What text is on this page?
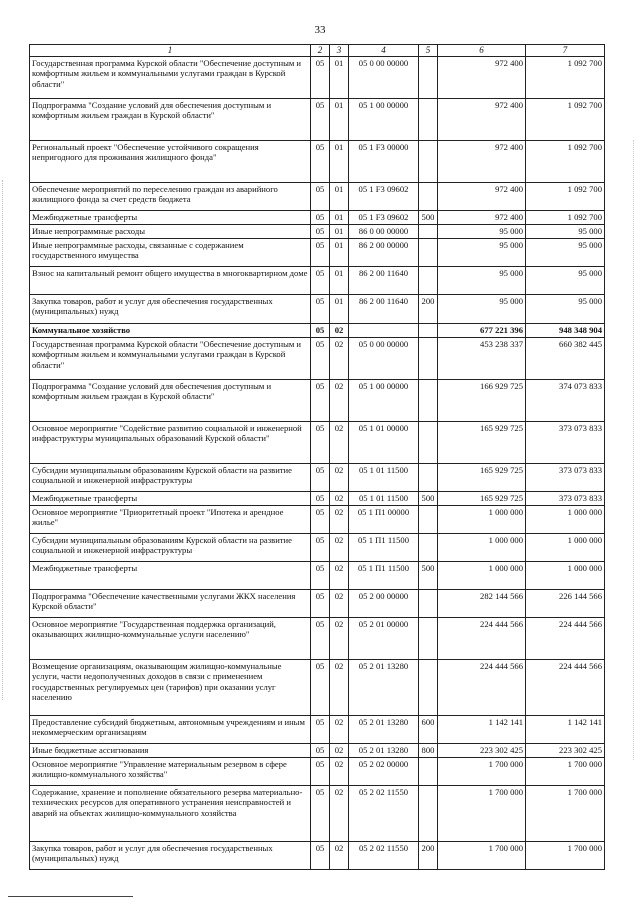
33
1	2	3	4	5	6	7
Государственная программа Курской области "Обеспечение доступным и комфортным жильем и коммунальными услугами граждан в Курской области"	05	01	05 0 00 00000		972 400	1 092 700
Подпрограмма "Создание условий для обеспечения доступным и комфортным жильем граждан в Курской области"	05	01	05 1 00 00000		972 400	1 092 700
Региональный проект "Обеспечение устойчивого сокращения непригодного для проживания жилищного фонда"	05	01	05 1 F3 00000		972 400	1 092 700
Обеспечение мероприятий по переселению граждан из аварийного жилищного фонда за счет средств бюджета	05	01	05 1 F3 09602		972 400	1 092 700
Межбюджетные трансферты	05	01	05 1 F3 09602	500	972 400	1 092 700
Иные непрограммные расходы	05	01	86 0 00 00000		95 000	95 000
Иные непрограммные расходы, связанные с содержанием государственного имущества	05	01	86 2 00 00000		95 000	95 000
Взнос на капитальный ремонт общего имущества в многоквартирном доме	05	01	86 2 00 11640		95 000	95 000
Закупка товаров, работ и услуг для обеспечения государственных (муниципальных) нужд	05	01	86 2 00 11640	200	95 000	95 000
Коммунальное хозяйство	05	02			677 221 396	948 348 904
Государственная программа Курской области "Обеспечение доступным и комфортным жильем и коммунальными услугами граждан в Курской области"	05	02	05 0 00 00000		453 238 337	660 382 445
Подпрограмма "Создание условий для обеспечения доступным и комфортным жильем граждан в Курской области"	05	02	05 1 00 00000		166 929 725	374 073 833
Основное мероприятие "Содействие развитию социальной и инженерной инфраструктуры муниципальных образований Курской области"	05	02	05 1 01 00000		165 929 725	373 073 833
Субсидии муниципальным образованиям Курской области на развитие социальной и инженерной инфраструктуры	05	02	05 1 01 11500		165 929 725	373 073 833
Межбюджетные трансферты	05	02	05 1 01 11500	500	165 929 725	373 073 833
Основное мероприятие "Приоритетный проект "Ипотека и арендное жилье"	05	02	05 1 П1 00000		1 000 000	1 000 000
Субсидии муниципальным образованиям Курской области на развитие социальной и инженерной инфраструктуры	05	02	05 1 П1 11500		1 000 000	1 000 000
Межбюджетные трансферты	05	02	05 1 П1 11500	500	1 000 000	1 000 000
Подпрограмма "Обеспечение качественными услугами ЖКХ населения Курской области"	05	02	05 2 00 00000		282 144 566	226 144 566
Основное мероприятие "Государственная поддержка организаций, оказывающих жилищно-коммунальные услуги населению"	05	02	05 2 01 00000		224 444 566	224 444 566
Возмещение организациям, оказывающим жилищно-коммунальные услуги, части недополученных доходов в связи с применением государственных регулируемых цен (тарифов) при оказании услуг населению	05	02	05 2 01 13280		224 444 566	224 444 566
Предоставление субсидий бюджетным, автономным учреждениям и иным некоммерческим организациям	05	02	05 2 01 13280	600	1 142 141	1 142 141
Иные бюджетные ассигнования	05	02	05 2 01 13280	800	223 302 425	223 302 425
Основное мероприятие "Управление материальным резервом в сфере жилищно-коммунального хозяйства"	05	02	05 2 02 00000		1 700 000	1 700 000
Содержание, хранение и пополнение обязательного резерва материально-технических ресурсов для оперативного устранения неисправностей и аварий на объектах жилищно-коммунального хозяйства	05	02	05 2 02 11550		1 700 000	1 700 000
Закупка товаров, работ и услуг для обеспечения государственных (муниципальных) нужд	05	02	05 2 02 11550	200	1 700 000	1 700 000
